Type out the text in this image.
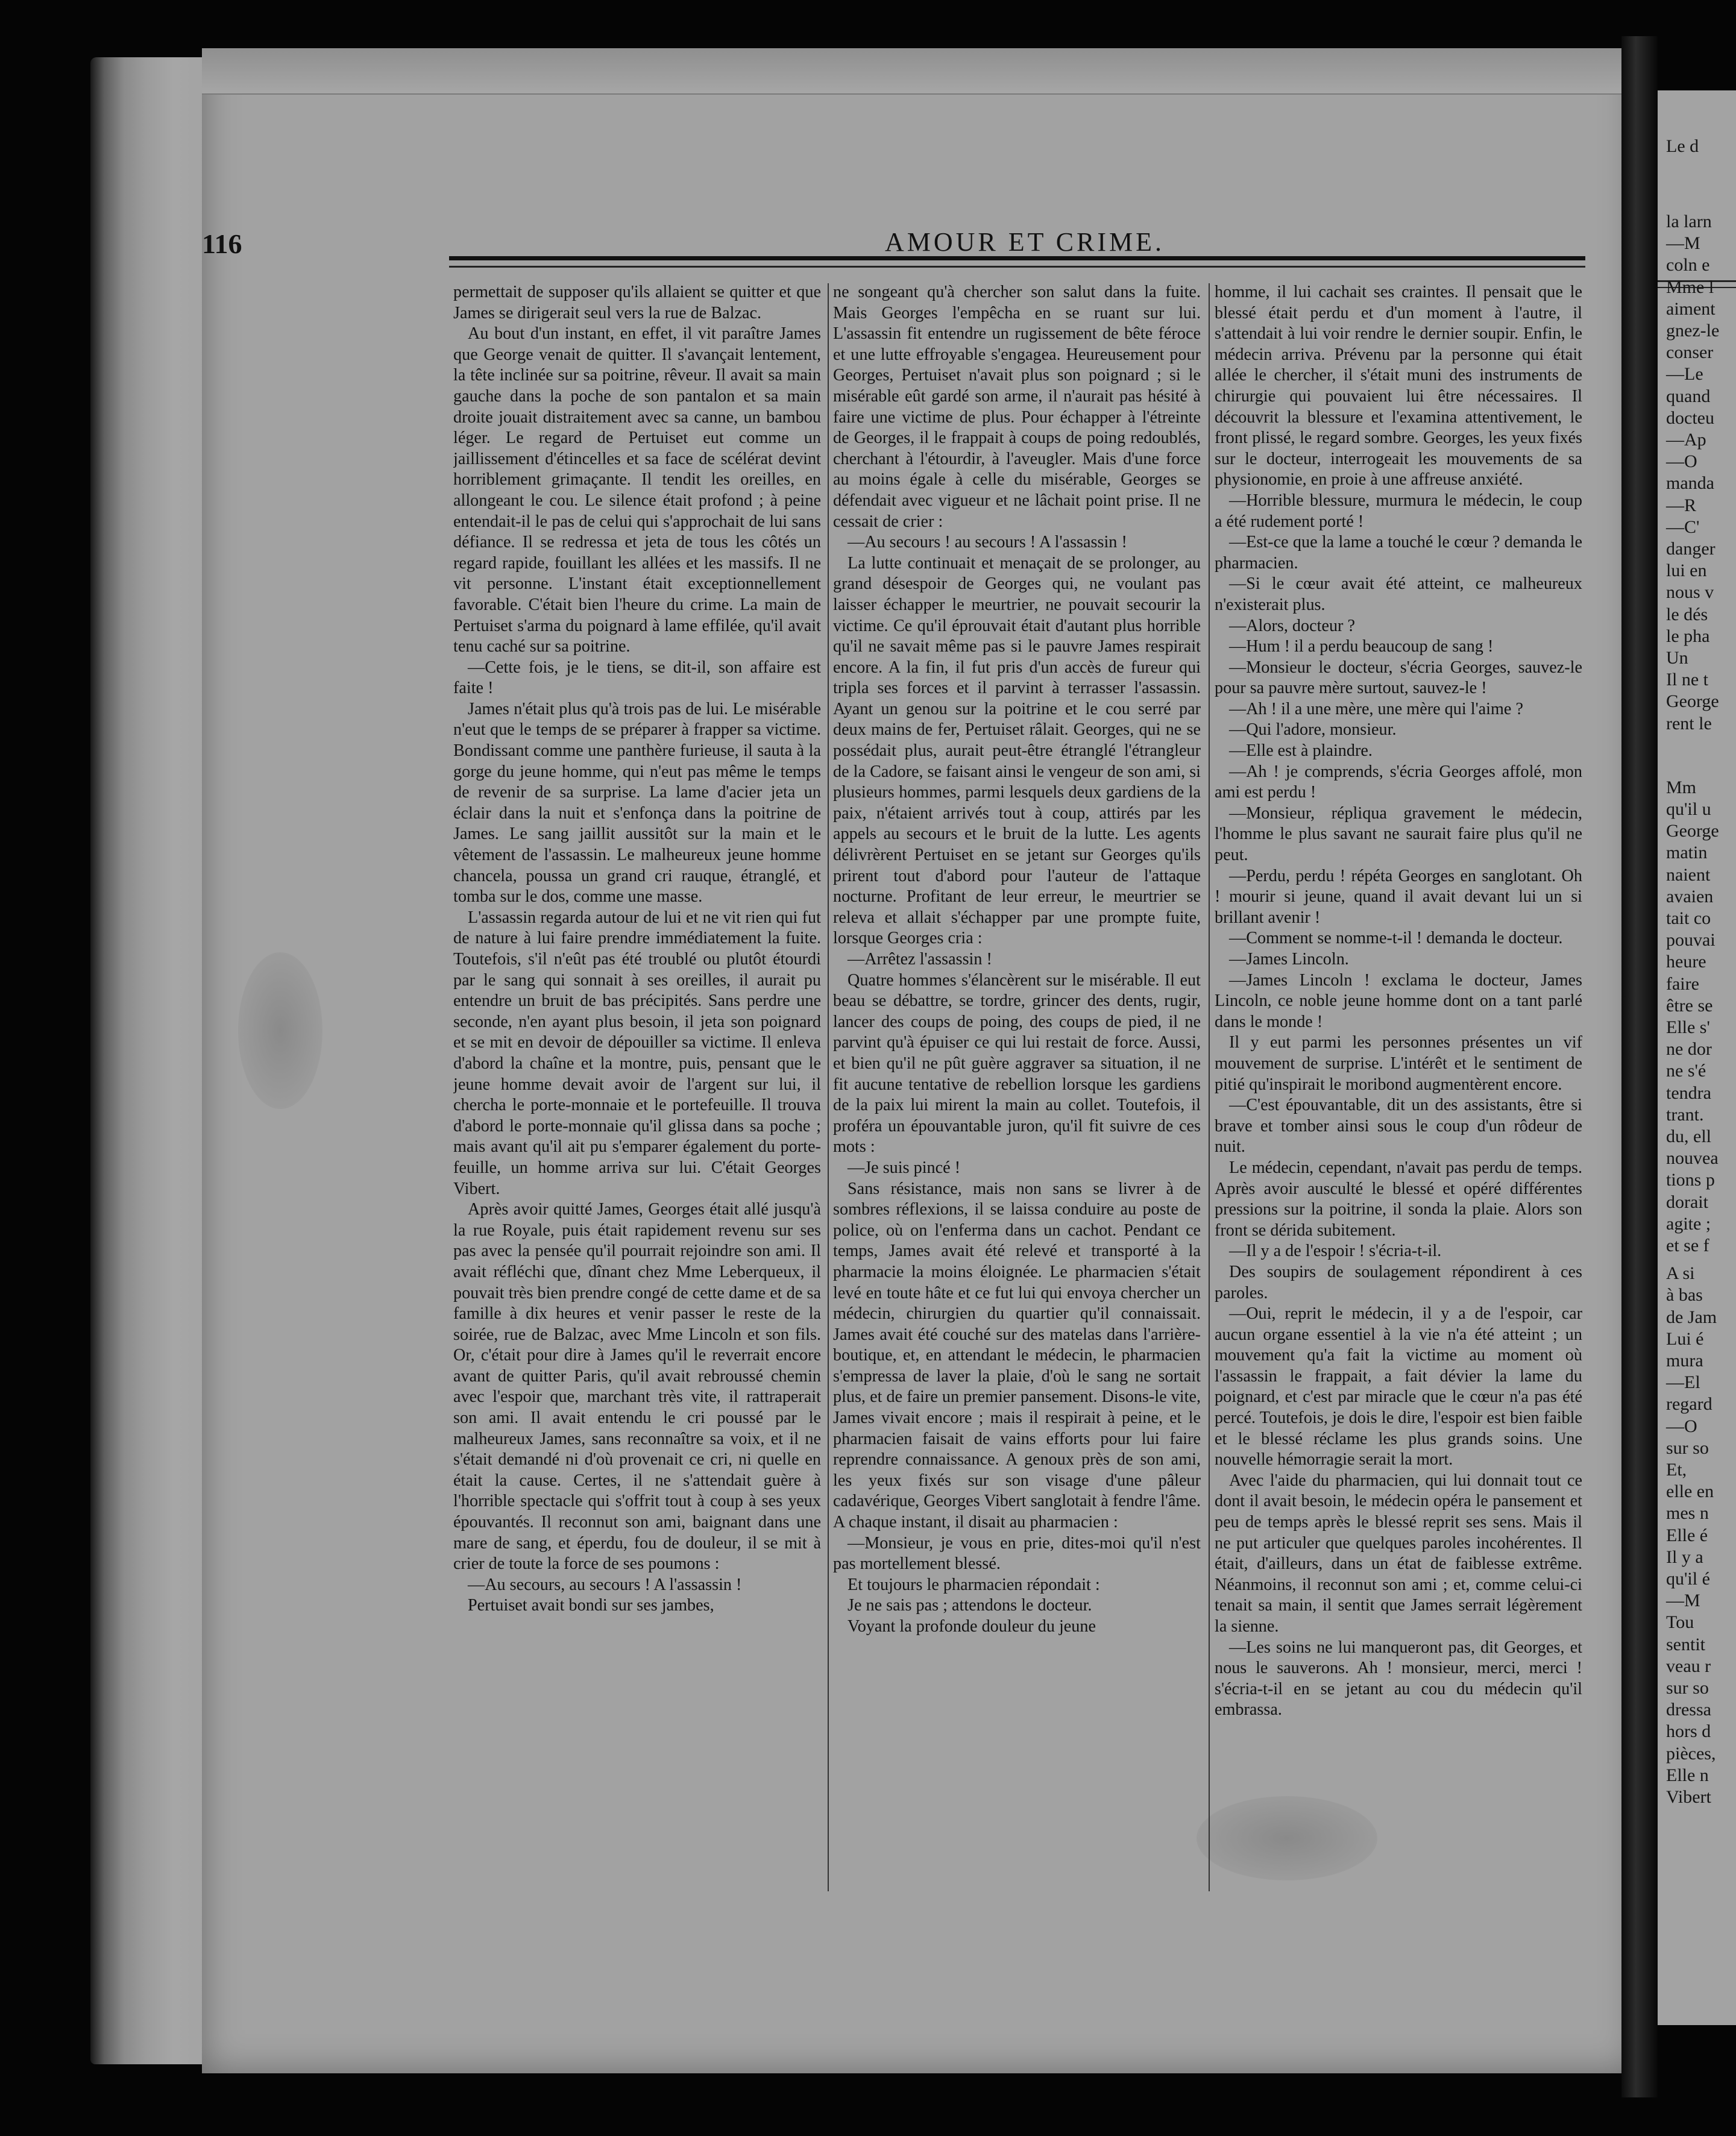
Le d
la larn
—M
coln e
Mme l
aiment
gnez-le
conser
—Le
quand
docteu
—Ap
—O
manda
—R
—C'
danger
lui en
nous v
le dés
le pha
Un
Il ne t
George
rent le
Mm
qu'il u
George
matin
naient
avaien
tait co
pouvai
heure
faire
être se
Elle s'
ne dor
ne s'é
tendra
trant.
du, ell
nouvea
tions p
dorait
agite ;
et se f
A si
à bas
de Jam
Lui é
mura
—El
regard
—O
sur so
Et,
elle en
mes n
Elle é
Il y a
qu'il é
—M
Tou
sentit
veau r
sur so
dressa
hors d
pièces,
Elle n
Vibert
116	AMOUR ET CRIME.

permettait de supposer qu'ils allaient se quitter et que James se dirigerait seul vers la rue de Balzac.

Au bout d'un instant, en effet, il vit paraître James que George venait de quitter. Il s'avançait lentement, la tête inclinée sur sa poitrine, rêveur. Il avait sa main gauche dans la poche de son pantalon et sa main droite jouait distraitement avec sa canne, un bambou léger. Le regard de Pertuiset eut comme un jaillissement d'étincelles et sa face de scélérat devint horriblement grimaçante. Il tendit les oreilles, en allongeant le cou. Le silence était profond ; à peine entendait-il le pas de celui qui s'approchait de lui sans défiance. Il se redressa et jeta de tous les côtés un regard rapide, fouillant les allées et les massifs. Il ne vit personne. L'instant était exceptionnellement favorable. C'était bien l'heure du crime. La main de Pertuiset s'arma du poignard à lame effilée, qu'il avait tenu caché sur sa poitrine.

—Cette fois, je le tiens, se dit-il, son affaire est faite !

James n'était plus qu'à trois pas de lui. Le misérable n'eut que le temps de se préparer à frapper sa victime. Bondissant comme une panthère furieuse, il sauta à la gorge du jeune homme, qui n'eut pas même le temps de revenir de sa surprise. La lame d'acier jeta un éclair dans la nuit et s'enfonça dans la poitrine de James. Le sang jaillit aussitôt sur la main et le vêtement de l'assassin. Le malheureux jeune homme chancela, poussa un grand cri rauque, étranglé, et tomba sur le dos, comme une masse.

L'assassin regarda autour de lui et ne vit rien qui fut de nature à lui faire prendre immédiatement la fuite. Toutefois, s'il n'eût pas été troublé ou plutôt étourdi par le sang qui sonnait à ses oreilles, il aurait pu entendre un bruit de bas précipités. Sans perdre une seconde, n'en ayant plus besoin, il jeta son poignard et se mit en devoir de dépouiller sa victime. Il enleva d'abord la chaîne et la montre, puis, pensant que le jeune homme devait avoir de l'argent sur lui, il chercha le porte-monnaie et le portefeuille. Il trouva d'abord le porte-monnaie qu'il glissa dans sa poche ; mais avant qu'il ait pu s'emparer également du porte-feuille, un homme arriva sur lui. C'était Georges Vibert.

Après avoir quitté James, Georges était allé jusqu'à la rue Royale, puis était rapidement revenu sur ses pas avec la pensée qu'il pourrait rejoindre son ami. Il avait réfléchi que, dînant chez Mme Leberqueux, il pouvait très bien prendre congé de cette dame et de sa famille à dix heures et venir passer le reste de la soirée, rue de Balzac, avec Mme Lincoln et son fils. Or, c'était pour dire à James qu'il le reverrait encore avant de quitter Paris, qu'il avait rebroussé chemin avec l'espoir que, marchant très vite, il rattraperait son ami. Il avait entendu le cri poussé par le malheureux James, sans reconnaître sa voix, et il ne s'était demandé ni d'où provenait ce cri, ni quelle en était la cause. Certes, il ne s'attendait guère à l'horrible spectacle qui s'offrit tout à coup à ses yeux épouvantés. Il reconnut son ami, baignant dans une mare de sang, et éperdu, fou de douleur, il se mit à crier de toute la force de ses poumons :

—Au secours, au secours ! A l'assassin !

Pertuiset avait bondi sur ses jambes,

ne songeant qu'à chercher son salut dans la fuite. Mais Georges l'empêcha en se ruant sur lui. L'assassin fit entendre un rugissement de bête féroce et une lutte effroyable s'engagea. Heureusement pour Georges, Pertuiset n'avait plus son poignard ; si le misérable eût gardé son arme, il n'aurait pas hésité à faire une victime de plus. Pour échapper à l'étreinte de Georges, il le frappait à coups de poing redoublés, cherchant à l'étourdir, à l'aveugler. Mais d'une force au moins égale à celle du misérable, Georges se défendait avec vigueur et ne lâchait point prise. Il ne cessait de crier :

—Au secours ! au secours ! A l'assassin !

La lutte continuait et menaçait de se prolonger, au grand désespoir de Georges qui, ne voulant pas laisser échapper le meurtrier, ne pouvait secourir la victime. Ce qu'il éprouvait était d'autant plus horrible qu'il ne savait même pas si le pauvre James respirait encore. A la fin, il fut pris d'un accès de fureur qui tripla ses forces et il parvint à terrasser l'assassin. Ayant un genou sur la poitrine et le cou serré par deux mains de fer, Pertuiset râlait. Georges, qui ne se possédait plus, aurait peut-être étranglé l'étrangleur de la Cadore, se faisant ainsi le vengeur de son ami, si plusieurs hommes, parmi lesquels deux gardiens de la paix, n'étaient arrivés tout à coup, attirés par les appels au secours et le bruit de la lutte. Les agents délivrèrent Pertuiset en se jetant sur Georges qu'ils prirent tout d'abord pour l'auteur de l'attaque nocturne. Profitant de leur erreur, le meurtrier se releva et allait s'échapper par une prompte fuite, lorsque Georges cria :

—Arrêtez l'assassin !

Quatre hommes s'élancèrent sur le misérable. Il eut beau se débattre, se tordre, grincer des dents, rugir, lancer des coups de poing, des coups de pied, il ne parvint qu'à épuiser ce qui lui restait de force. Aussi, et bien qu'il ne pût guère aggraver sa situation, il ne fit aucune tentative de rebellion lorsque les gardiens de la paix lui mirent la main au collet. Toutefois, il proféra un épouvantable juron, qu'il fit suivre de ces mots :

—Je suis pincé !

Sans résistance, mais non sans se livrer à de sombres réflexions, il se laissa conduire au poste de police, où on l'enferma dans un cachot. Pendant ce temps, James avait été relevé et transporté à la pharmacie la moins éloignée. Le pharmacien s'était levé en toute hâte et ce fut lui qui envoya chercher un médecin, chirurgien du quartier qu'il connaissait. James avait été couché sur des matelas dans l'arrière-boutique, et, en attendant le médecin, le pharmacien s'empressa de laver la plaie, d'où le sang ne sortait plus, et de faire un premier pansement. Disons-le vite, James vivait encore ; mais il respirait à peine, et le pharmacien faisait de vains efforts pour lui faire reprendre connaissance. A genoux près de son ami, les yeux fixés sur son visage d'une pâleur cadavérique, Georges Vibert sanglotait à fendre l'âme. A chaque instant, il disait au pharmacien :

—Monsieur, je vous en prie, dites-moi qu'il n'est pas mortellement blessé.

Et toujours le pharmacien répondait :

Je ne sais pas ; attendons le docteur.

Voyant la profonde douleur du jeune

homme, il lui cachait ses craintes. Il pensait que le blessé était perdu et d'un moment à l'autre, il s'attendait à lui voir rendre le dernier soupir. Enfin, le médecin arriva. Prévenu par la personne qui était allée le chercher, il s'était muni des instruments de chirurgie qui pouvaient lui être nécessaires. Il découvrit la blessure et l'examina attentivement, le front plissé, le regard sombre. Georges, les yeux fixés sur le docteur, interrogeait les mouvements de sa physionomie, en proie à une affreuse anxiété.

—Horrible blessure, murmura le médecin, le coup a été rudement porté !

—Est-ce que la lame a touché le cœur ? demanda le pharmacien.

—Si le cœur avait été atteint, ce malheureux n'existerait plus.

—Alors, docteur ?

—Hum ! il a perdu beaucoup de sang !

—Monsieur le docteur, s'écria Georges, sauvez-le pour sa pauvre mère surtout, sauvez-le !

—Ah ! il a une mère, une mère qui l'aime ?

—Qui l'adore, monsieur.

—Elle est à plaindre.

—Ah ! je comprends, s'écria Georges affolé, mon ami est perdu !

—Monsieur, répliqua gravement le médecin, l'homme le plus savant ne saurait faire plus qu'il ne peut.

—Perdu, perdu ! répéta Georges en sanglotant. Oh ! mourir si jeune, quand il avait devant lui un si brillant avenir !

—Comment se nomme-t-il ! demanda le docteur.

—James Lincoln.

—James Lincoln ! exclama le docteur, James Lincoln, ce noble jeune homme dont on a tant parlé dans le monde !

Il y eut parmi les personnes présentes un vif mouvement de surprise. L'intérêt et le sentiment de pitié qu'inspirait le moribond augmentèrent encore.

—C'est épouvantable, dit un des assistants, être si brave et tomber ainsi sous le coup d'un rôdeur de nuit.

Le médecin, cependant, n'avait pas perdu de temps. Après avoir ausculté le blessé et opéré différentes pressions sur la poitrine, il sonda la plaie. Alors son front se dérida subitement.

—Il y a de l'espoir ! s'écria-t-il.

Des soupirs de soulagement répondirent à ces paroles.

—Oui, reprit le médecin, il y a de l'espoir, car aucun organe essentiel à la vie n'a été atteint ; un mouvement qu'a fait la victime au moment où l'assassin le frappait, a fait dévier la lame du poignard, et c'est par miracle que le cœur n'a pas été percé. Toutefois, je dois le dire, l'espoir est bien faible et le blessé réclame les plus grands soins. Une nouvelle hémorragie serait la mort.

Avec l'aide du pharmacien, qui lui donnait tout ce dont il avait besoin, le médecin opéra le pansement et peu de temps après le blessé reprit ses sens. Mais il ne put articuler que quelques paroles incohérentes. Il était, d'ailleurs, dans un état de faiblesse extrême. Néanmoins, il reconnut son ami ; et, comme celui-ci tenait sa main, il sentit que James serrait légèrement la sienne.

—Les soins ne lui manqueront pas, dit Georges, et nous le sauverons. Ah ! monsieur, merci, merci ! s'écria-t-il en se jetant au cou du médecin qu'il embrassa.
